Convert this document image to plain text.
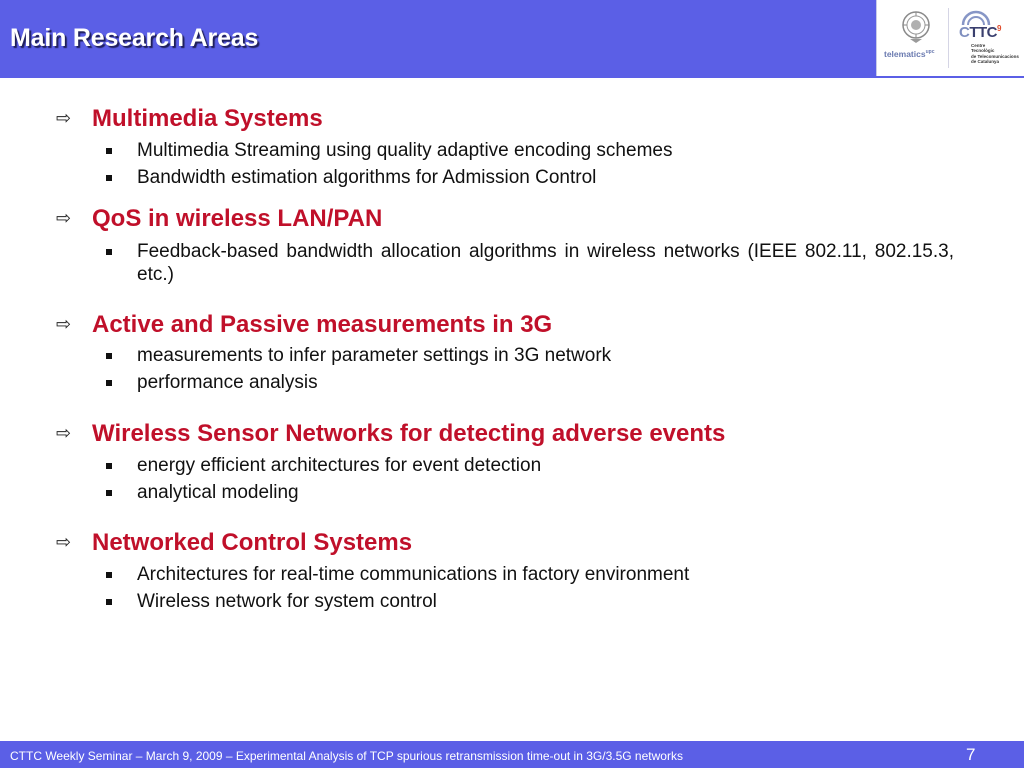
Main Research Areas
telematics$^{upc}$
CTTC$^9$
Centre
Tecnològic
de Telecomunicacions
de Catalunya
⇨ Multimedia Systems
Multimedia Streaming using quality adaptive encoding schemes
Bandwidth estimation algorithms for Admission Control
⇨ QoS in wireless LAN/PAN
Feedback-based bandwidth allocation algorithms in wireless networks (IEEE 802.11, 802.15.3, etc.)
⇨ Active and Passive measurements in 3G
measurements to infer parameter settings in 3G network
performance analysis
⇨ Wireless Sensor Networks for detecting adverse events
energy efficient architectures for event detection
analytical modeling
⇨ Networked Control Systems
Architectures for real-time communications in factory environment
Wireless network for system control
CTTC Weekly Seminar – March 9, 2009 – Experimental Analysis of TCP spurious retransmission time-out in 3G/3.5G networks	7
